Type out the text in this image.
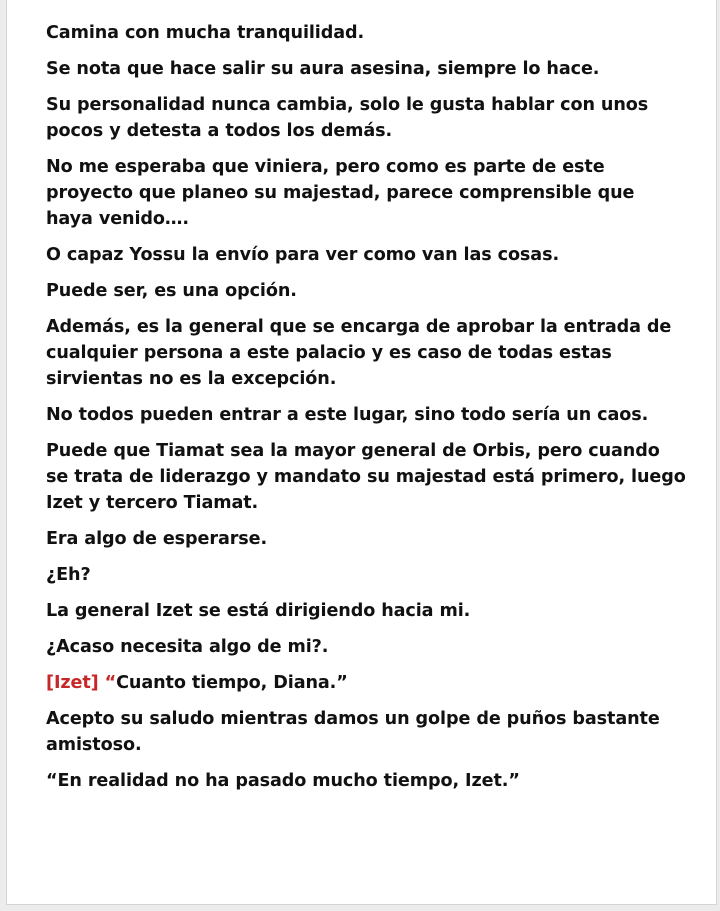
Camina con mucha tranquilidad.

Se nota que hace salir su aura asesina, siempre lo hace.

Su personalidad nunca cambia, solo le gusta hablar con unos pocos y detesta a todos los demás.

No me esperaba que viniera, pero como es parte de este proyecto que planeo su majestad, parece comprensible que haya venido….

O capaz Yossu la envío para ver como van las cosas.

Puede ser, es una opción.

Además, es la general que se encarga de aprobar la entrada de cualquier persona a este palacio y es caso de todas estas sirvientas no es la excepción.

No todos pueden entrar a este lugar, sino todo sería un caos.

Puede que Tiamat sea la mayor general de Orbis, pero cuando se trata de liderazgo y mandato su majestad está primero, luego Izet y tercero Tiamat.

Era algo de esperarse.

¿Eh?

La general Izet se está dirigiendo hacia mi.

¿Acaso necesita algo de mi?.

[Izet] “Cuanto tiempo, Diana.”

Acepto su saludo mientras damos un golpe de puños bastante amistoso.

“En realidad no ha pasado mucho tiempo, Izet.”
